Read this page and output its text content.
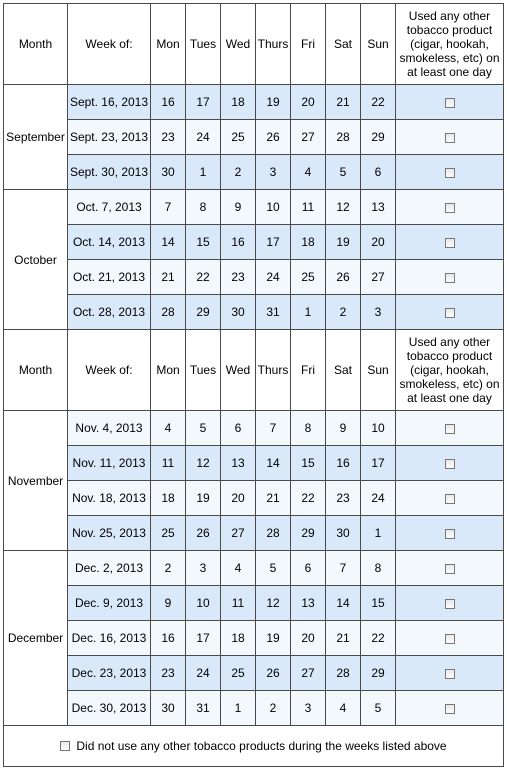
Month	Week of:	Mon	Tues	Wed	Thurs	Fri	Sat	Sun	Used any other tobacco product (cigar, hookah, smokeless, etc) on at least one day
September	Sept. 16, 2013	16	17	18	19	20	21	22	
	Sept. 23, 2013	23	24	25	26	27	28	29	
	Sept. 30, 2013	30	1	2	3	4	5	6	
October	Oct. 7, 2013	7	8	9	10	11	12	13	
	Oct. 14, 2013	14	15	16	17	18	19	20	
	Oct. 21, 2013	21	22	23	24	25	26	27	
	Oct. 28, 2013	28	29	30	31	1	2	3	
Month	Week of:	Mon	Tues	Wed	Thurs	Fri	Sat	Sun	Used any other tobacco product (cigar, hookah, smokeless, etc) on at least one day
November	Nov. 4, 2013	4	5	6	7	8	9	10	
	Nov. 11, 2013	11	12	13	14	15	16	17	
	Nov. 18, 2013	18	19	20	21	22	23	24	
	Nov. 25, 2013	25	26	27	28	29	30	1	
December	Dec. 2, 2013	2	3	4	5	6	7	8	
	Dec. 9, 2013	9	10	11	12	13	14	15	
	Dec. 16, 2013	16	17	18	19	20	21	22	
	Dec. 23, 2013	23	24	25	26	27	28	29	
	Dec. 30, 2013	30	31	1	2	3	4	5	
Did not use any other tobacco products during the weeks listed above									
